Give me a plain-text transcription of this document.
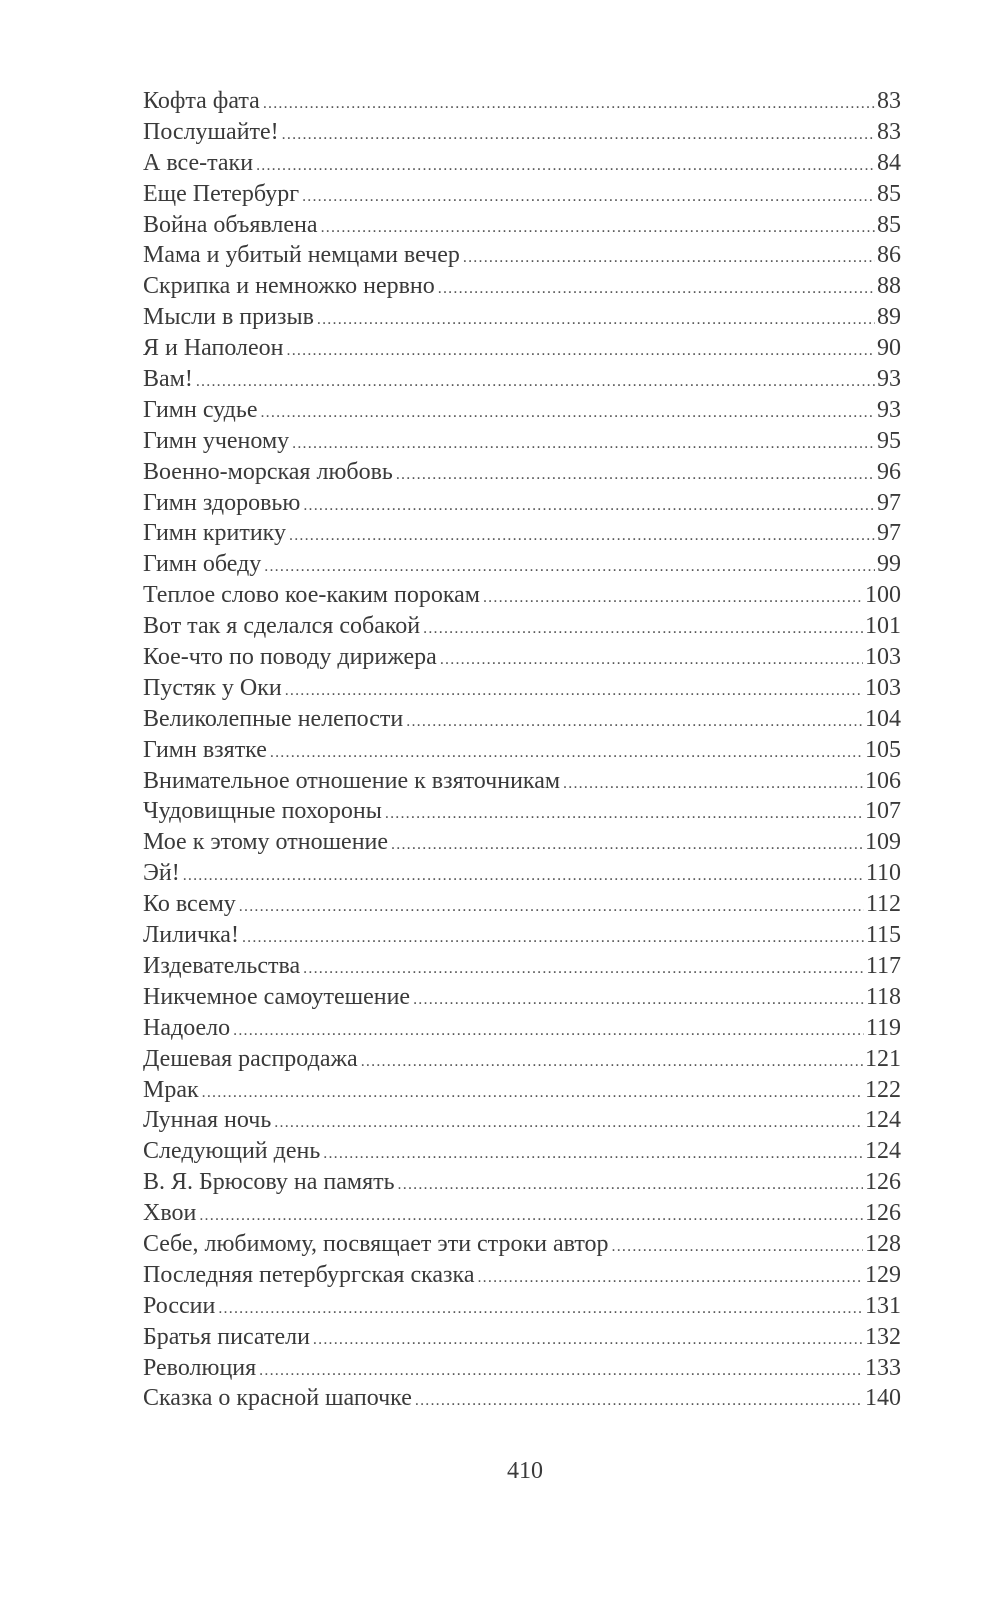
Кофта фата .....	83
Послушайте! .....	83
А все-таки .....	84
Еще Петербург .....	85
Война объявлена .....	85
Мама и убитый немцами вечер .....	86
Скрипка и немножко нервно .....	88
Мысли в призыв .....	89
Я и Наполеон .....	90
Вам! .....	93
Гимн судье .....	93
Гимн ученому .....	95
Военно-морская любовь .....	96
Гимн здоровью .....	97
Гимн критику .....	97
Гимн обеду .....	99
Теплое слово кое-каким порокам .....	100
Вот так я сделался собакой .....	101
Кое-что по поводу дирижера .....	103
Пустяк у Оки .....	103
Великолепные нелепости .....	104
Гимн взятке .....	105
Внимательное отношение к взяточникам .....	106
Чудовищные похороны .....	107
Мое к этому отношение .....	109
Эй! .....	110
Ко всему .....	112
Лиличка! .....	115
Издевательства .....	117
Никчемное самоутешение .....	118
Надоело .....	119
Дешевая распродажа .....	121
Мрак .....	122
Лунная ночь .....	124
Следующий день .....	124
В. Я. Брюсову на память .....	126
Хвои .....	126
Себе, любимому, посвящает эти строки автор .....	128
Последняя петербургская сказка .....	129
России .....	131
Братья писатели .....	132
Революция .....	133
Сказка о красной шапочке .....	140
410
